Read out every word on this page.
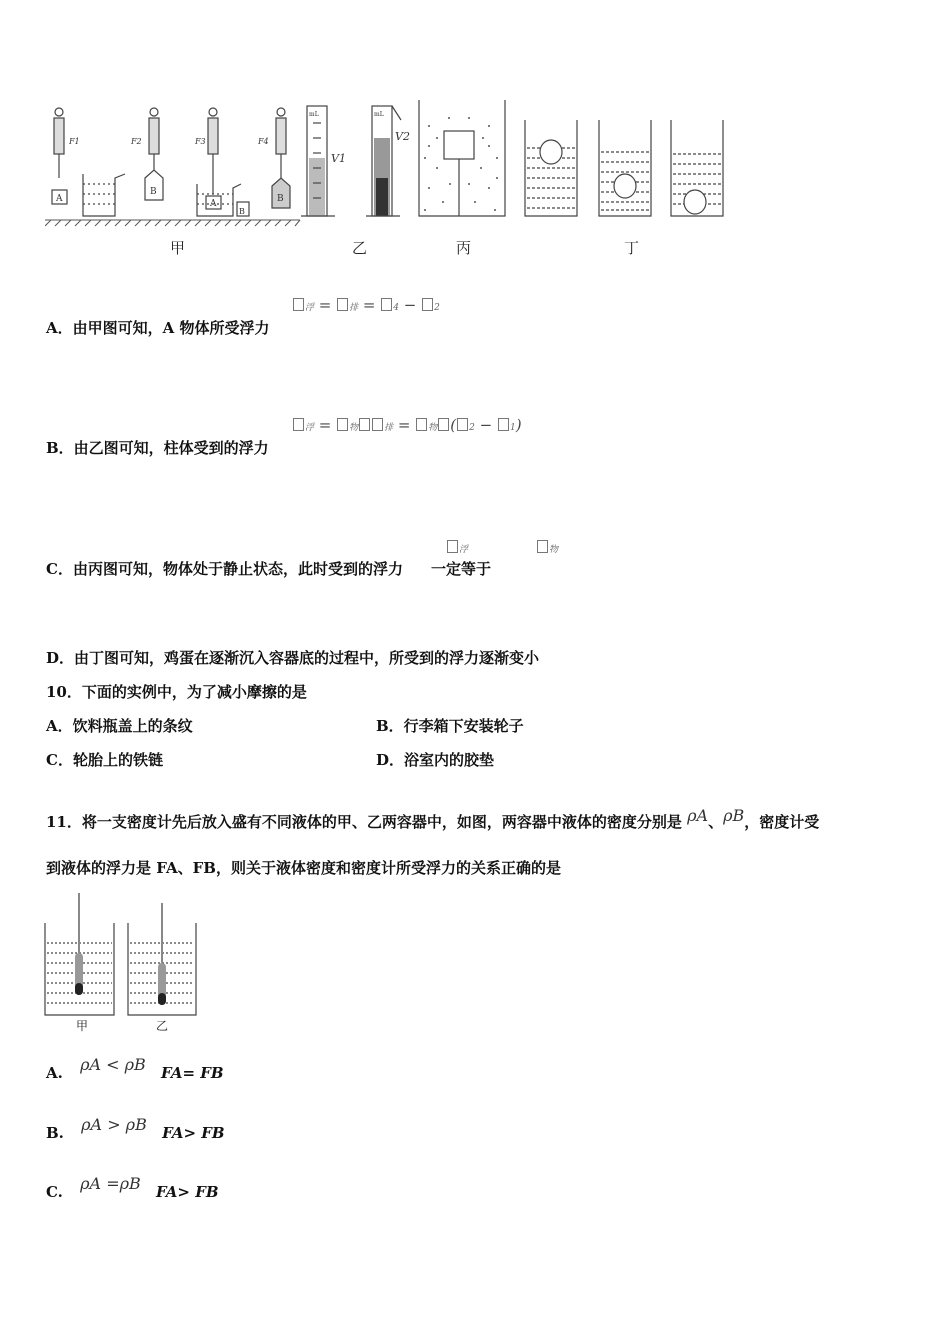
F1
A
F2
B
F3
A
B
F4
B
mL
V1
mL
V2
甲	乙	丙	丁
浮 = 排 = 4 − 2
A．由甲图可知，A 物体所受浮力
浮 = 物	排 = 物 ( 2 − 1)
B．由乙图可知，柱体受到的浮力
浮	物
C．由丙图可知，物体处于静止状态，此时受到的浮力 一定等于
D．由丁图可知，鸡蛋在逐渐沉入容器底的过程中，所受到的浮力逐渐变小
10．下面的实例中，为了减小摩擦的是
A．饮料瓶盖上的条纹	B．行李箱下安装轮子
C．轮胎上的铁链	D．浴室内的胶垫
11．将一支密度计先后放入盛有不同液体的甲、乙两容器中，如图，两容器中液体的密度分别是 ρA、ρB，密度计受
到液体的浮力是 FA、FB，则关于液体密度和密度计所受浮力的关系正确的是
甲	乙
A. ρA < ρB FA= FB
B. ρA > ρB FA> FB
C. ρA =ρB FA> FB
